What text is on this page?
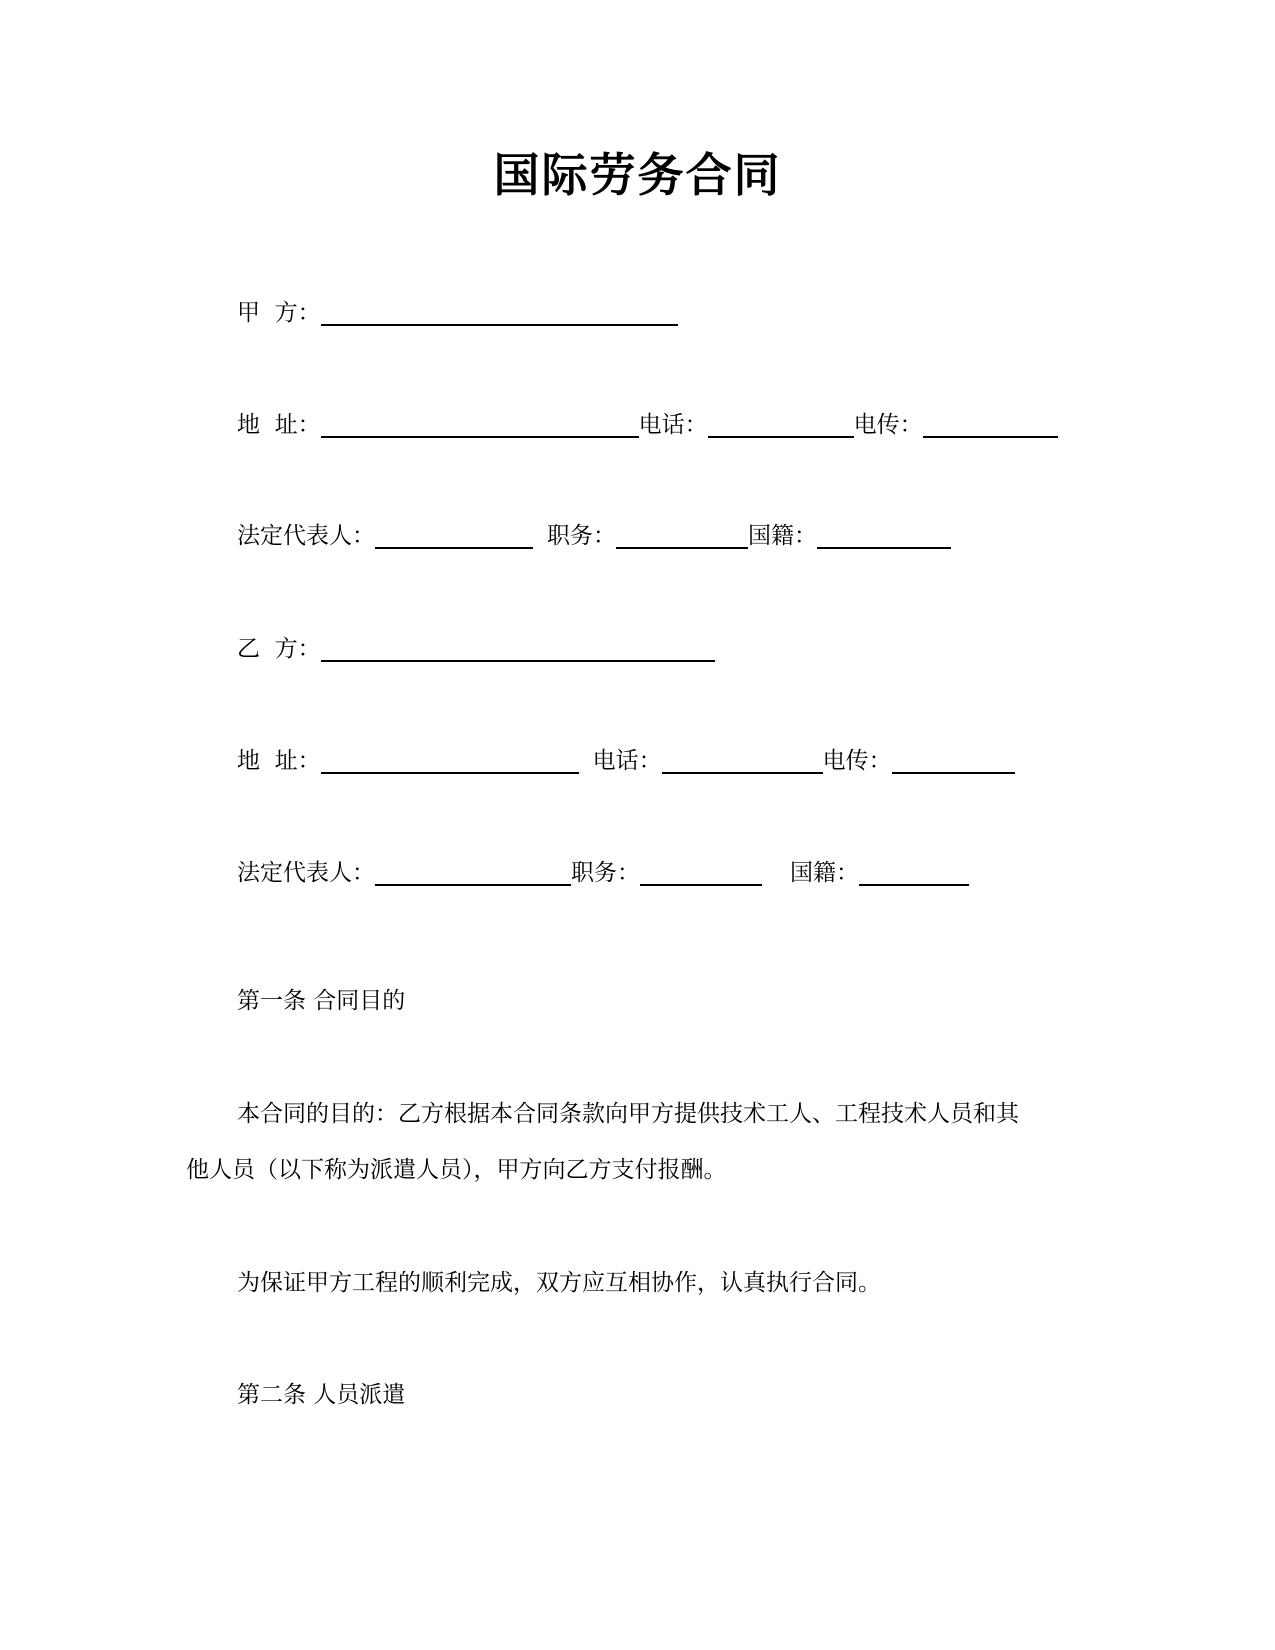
国际劳务合同
甲  方：
地  址：	电话：	电传：
法定代表人：	职务：	国籍：
乙  方：
地  址：	电话：	电传：
法定代表人：	职务：	国籍：
第一条 合同目的
本合同的目的：乙方根据本合同条款向甲方提供技术工人、工程技术人员和其
他人员（以下称为派遣人员），甲方向乙方支付报酬。
为保证甲方工程的顺利完成，双方应互相协作，认真执行合同。
第二条 人员派遣
